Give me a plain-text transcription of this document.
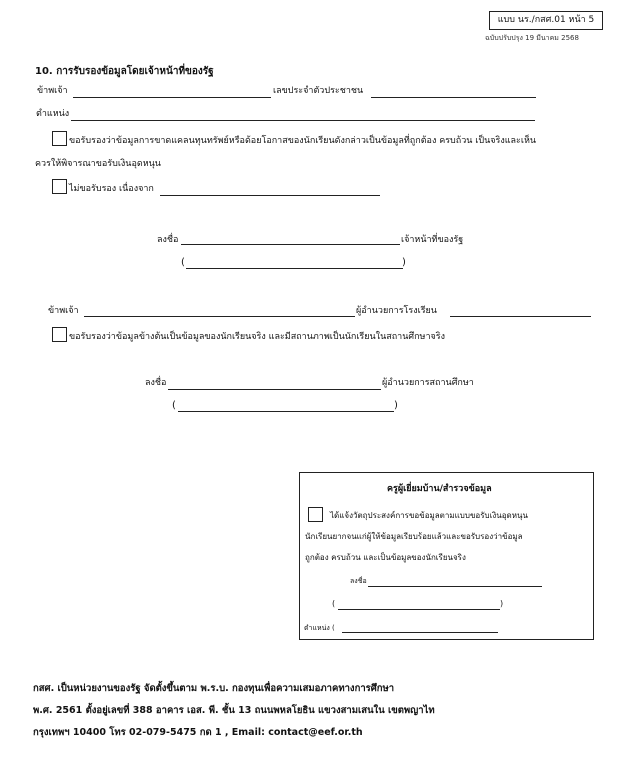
แบบ นร./กสศ.01 หน้า 5
ฉบับปรับปรุง 19 มีนาคม 2568
10. การรับรองข้อมูลโดยเจ้าหน้าที่ของรัฐ
ข้าพเจ้า	เลขประจำตัวประชาชน
ตำแหน่ง
ขอรับรองว่าข้อมูลการขาดแคลนทุนทรัพย์หรือด้อยโอกาสของนักเรียนดังกล่าวเป็นข้อมูลที่ถูกต้อง ครบถ้วน เป็นจริงและเห็น
ควรให้พิจารณาขอรับเงินอุดหนุน
ไม่ขอรับรอง เนื่องจาก
ลงชื่อ	เจ้าหน้าที่ของรัฐ
(	)
ข้าพเจ้า	ผู้อำนวยการโรงเรียน
ขอรับรองว่าข้อมูลข้างต้นเป็นข้อมูลของนักเรียนจริง และมีสถานภาพเป็นนักเรียนในสถานศึกษาจริง
ลงชื่อ	ผู้อำนวยการสถานศึกษา
(	)
ครูผู้เยี่ยมบ้าน/สำรวจข้อมูล
ได้แจ้งวัตถุประสงค์การขอข้อมูลตามแบบขอรับเงินอุดหนุน
นักเรียนยากจนแก่ผู้ให้ข้อมูลเรียบร้อยแล้วและขอรับรองว่าข้อมูล
ถูกต้อง ครบถ้วน และเป็นข้อมูลของนักเรียนจริง
ลงชื่อ
(	)
ตำแหน่ง (
กสศ. เป็นหน่วยงานของรัฐ จัดตั้งขึ้นตาม พ.ร.บ. กองทุนเพื่อความเสมอภาคทางการศึกษา
พ.ศ. 2561 ตั้งอยู่เลขที่ 388 อาคาร เอส. พี. ชั้น 13 ถนนพหลโยธิน แขวงสามเสนใน เขตพญาไท
กรุงเทพฯ 10400 โทร 02-079-5475 กด 1 , Email: contact@eef.or.th
